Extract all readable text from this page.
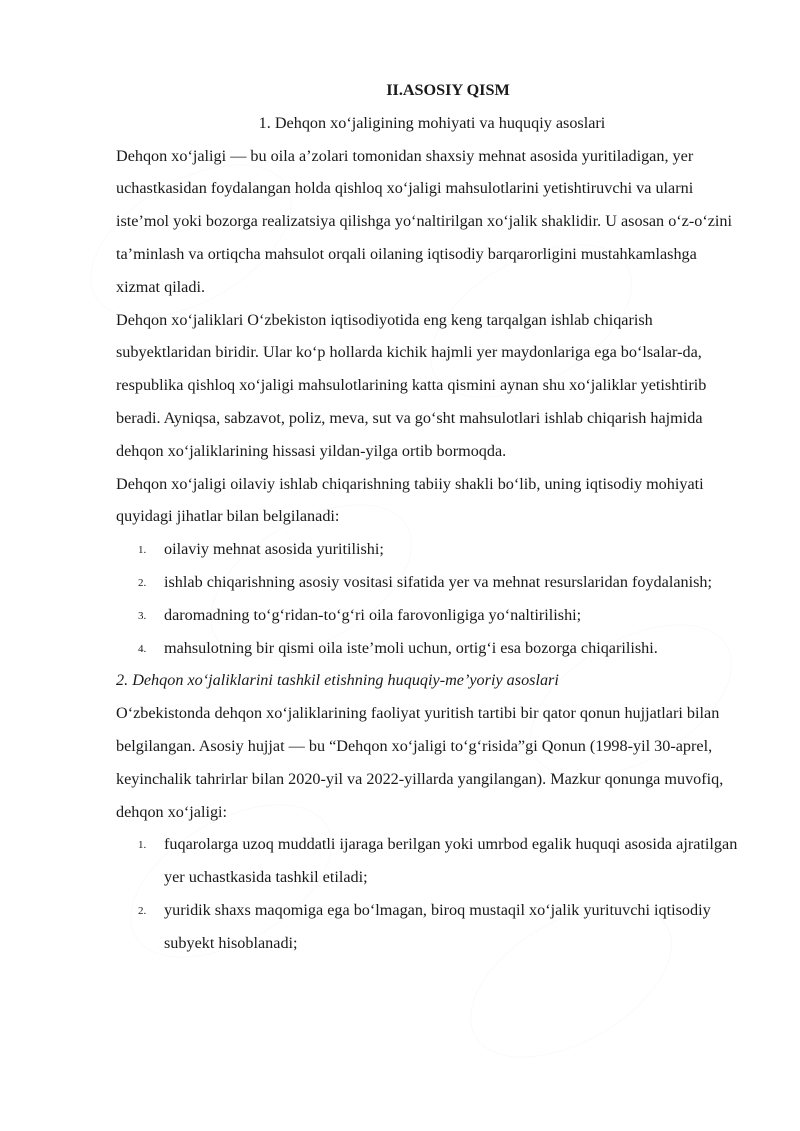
II.ASOSIY QISM

1. Dehqon xo‘jaligining mohiyati va huquqiy asoslari

Dehqon xo‘jaligi — bu oila a’zolari tomonidan shaxsiy mehnat asosida yuritiladigan, yer uchastkasidan foydalangan holda qishloq xo‘jaligi mahsulotlarini yetishtiruvchi va ularni iste’mol yoki bozorga realizatsiya qilishga yo‘naltirilgan xo‘jalik shaklidir. U asosan o‘z-o‘zini ta’minlash va ortiqcha mahsulot orqali oilaning iqtisodiy barqarorligini mustahkamlashga xizmat qiladi.

Dehqon xo‘jaliklari O‘zbekiston iqtisodiyotida eng keng tarqalgan ishlab chiqarish subyektlaridan biridir. Ular ko‘p hollarda kichik hajmli yer maydonlariga ega bo‘lsalar-da, respublika qishloq xo‘jaligi mahsulotlarining katta qismini aynan shu xo‘jaliklar yetishtirib beradi. Ayniqsa, sabzavot, poliz, meva, sut va go‘sht mahsulotlari ishlab chiqarish hajmida dehqon xo‘jaliklarining hissasi yildan-yilga ortib bormoqda.

Dehqon xo‘jaligi oilaviy ishlab chiqarishning tabiiy shakli bo‘lib, uning iqtisodiy mohiyati quyidagi jihatlar bilan belgilanadi:

1. oilaviy mehnat asosida yuritilishi;
2. ishlab chiqarishning asosiy vositasi sifatida yer va mehnat resurslaridan foydalanish;
3. daromadning to‘g‘ridan-to‘g‘ri oila farovonligiga yo‘naltirilishi;
4. mahsulotning bir qismi oila iste’moli uchun, ortig‘i esa bozorga chiqarilishi.

2. Dehqon xo‘jaliklarini tashkil etishning huquqiy-me’yoriy asoslari

O‘zbekistonda dehqon xo‘jaliklarining faoliyat yuritish tartibi bir qator qonun hujjatlari bilan belgilangan. Asosiy hujjat — bu “Dehqon xo‘jaligi to‘g‘risida”gi Qonun (1998-yil 30-aprel, keyinchalik tahrirlar bilan 2020-yil va 2022-yillarda yangilangan). Mazkur qonunga muvofiq, dehqon xo‘jaligi:

1. fuqarolarga uzoq muddatli ijaraga berilgan yoki umrbod egalik huquqi asosida ajratilgan yer uchastkasida tashkil etiladi;
2. yuridik shaxs maqomiga ega bo‘lmagan, biroq mustaqil xo‘jalik yurituvchi iqtisodiy subyekt hisoblanadi;
